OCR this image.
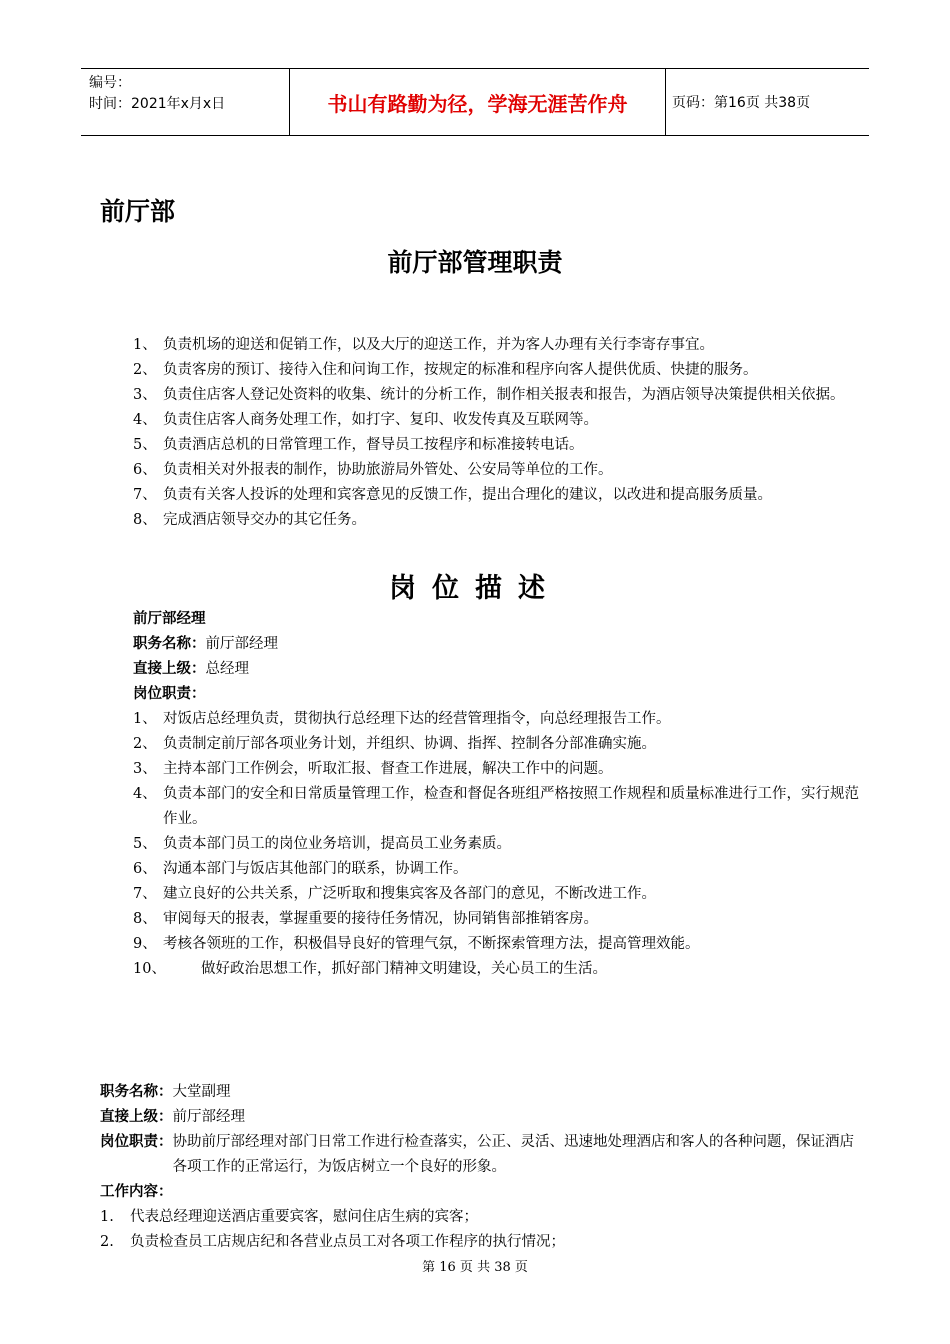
编号：
时间：2021年x月x日	书山有路勤为径，学海无涯苦作舟	页码：第16页 共38页
前厅部
前厅部管理职责
1、 负责机场的迎送和促销工作，以及大厅的迎送工作，并为客人办理有关行李寄存事宜。
2、 负责客房的预订、接待入住和问询工作，按规定的标准和程序向客人提供优质、快捷的服务。
3、 负责住店客人登记处资料的收集、统计的分析工作，制作相关报表和报告，为酒店领导决策提供相关依据。
4、 负责住店客人商务处理工作，如打字、复印、收发传真及互联网等。
5、 负责酒店总机的日常管理工作，督导员工按程序和标准接转电话。
6、 负责相关对外报表的制作，协助旅游局外管处、公安局等单位的工作。
7、 负责有关客人投诉的处理和宾客意见的反馈工作，提出合理化的建议，以改进和提高服务质量。
8、 完成酒店领导交办的其它任务。
岗位描述
前厅部经理
职务名称：前厅部经理
直接上级：总经理
岗位职责：
1、 对饭店总经理负责，贯彻执行总经理下达的经营管理指令，向总经理报告工作。
2、 负责制定前厅部各项业务计划，并组织、协调、指挥、控制各分部准确实施。
3、 主持本部门工作例会，听取汇报、督查工作进展，解决工作中的问题。
4、 负责本部门的安全和日常质量管理工作，检查和督促各班组严格按照工作规程和质量标准进行工作，实行规范作业。
5、 负责本部门员工的岗位业务培训，提高员工业务素质。
6、 沟通本部门与饭店其他部门的联系，协调工作。
7、 建立良好的公共关系，广泛听取和搜集宾客及各部门的意见，不断改进工作。
8、 审阅每天的报表，掌握重要的接待任务情况，协同销售部推销客房。
9、 考核各领班的工作，积极倡导良好的管理气氛，不断探索管理方法，提高管理效能。
10、	做好政治思想工作，抓好部门精神文明建设，关心员工的生活。
职务名称：大堂副理
直接上级：前厅部经理
岗位职责： 协助前厅部经理对部门日常工作进行检查落实，公正、灵活、迅速地处理酒店和客人的各种问题，保证酒店各项工作的正常运行，为饭店树立一个良好的形象。
工作内容：
1.	代表总经理迎送酒店重要宾客，慰问住店生病的宾客；
2.	负责检查员工店规店纪和各营业点员工对各项工作程序的执行情况；
第 16 页 共 38 页
